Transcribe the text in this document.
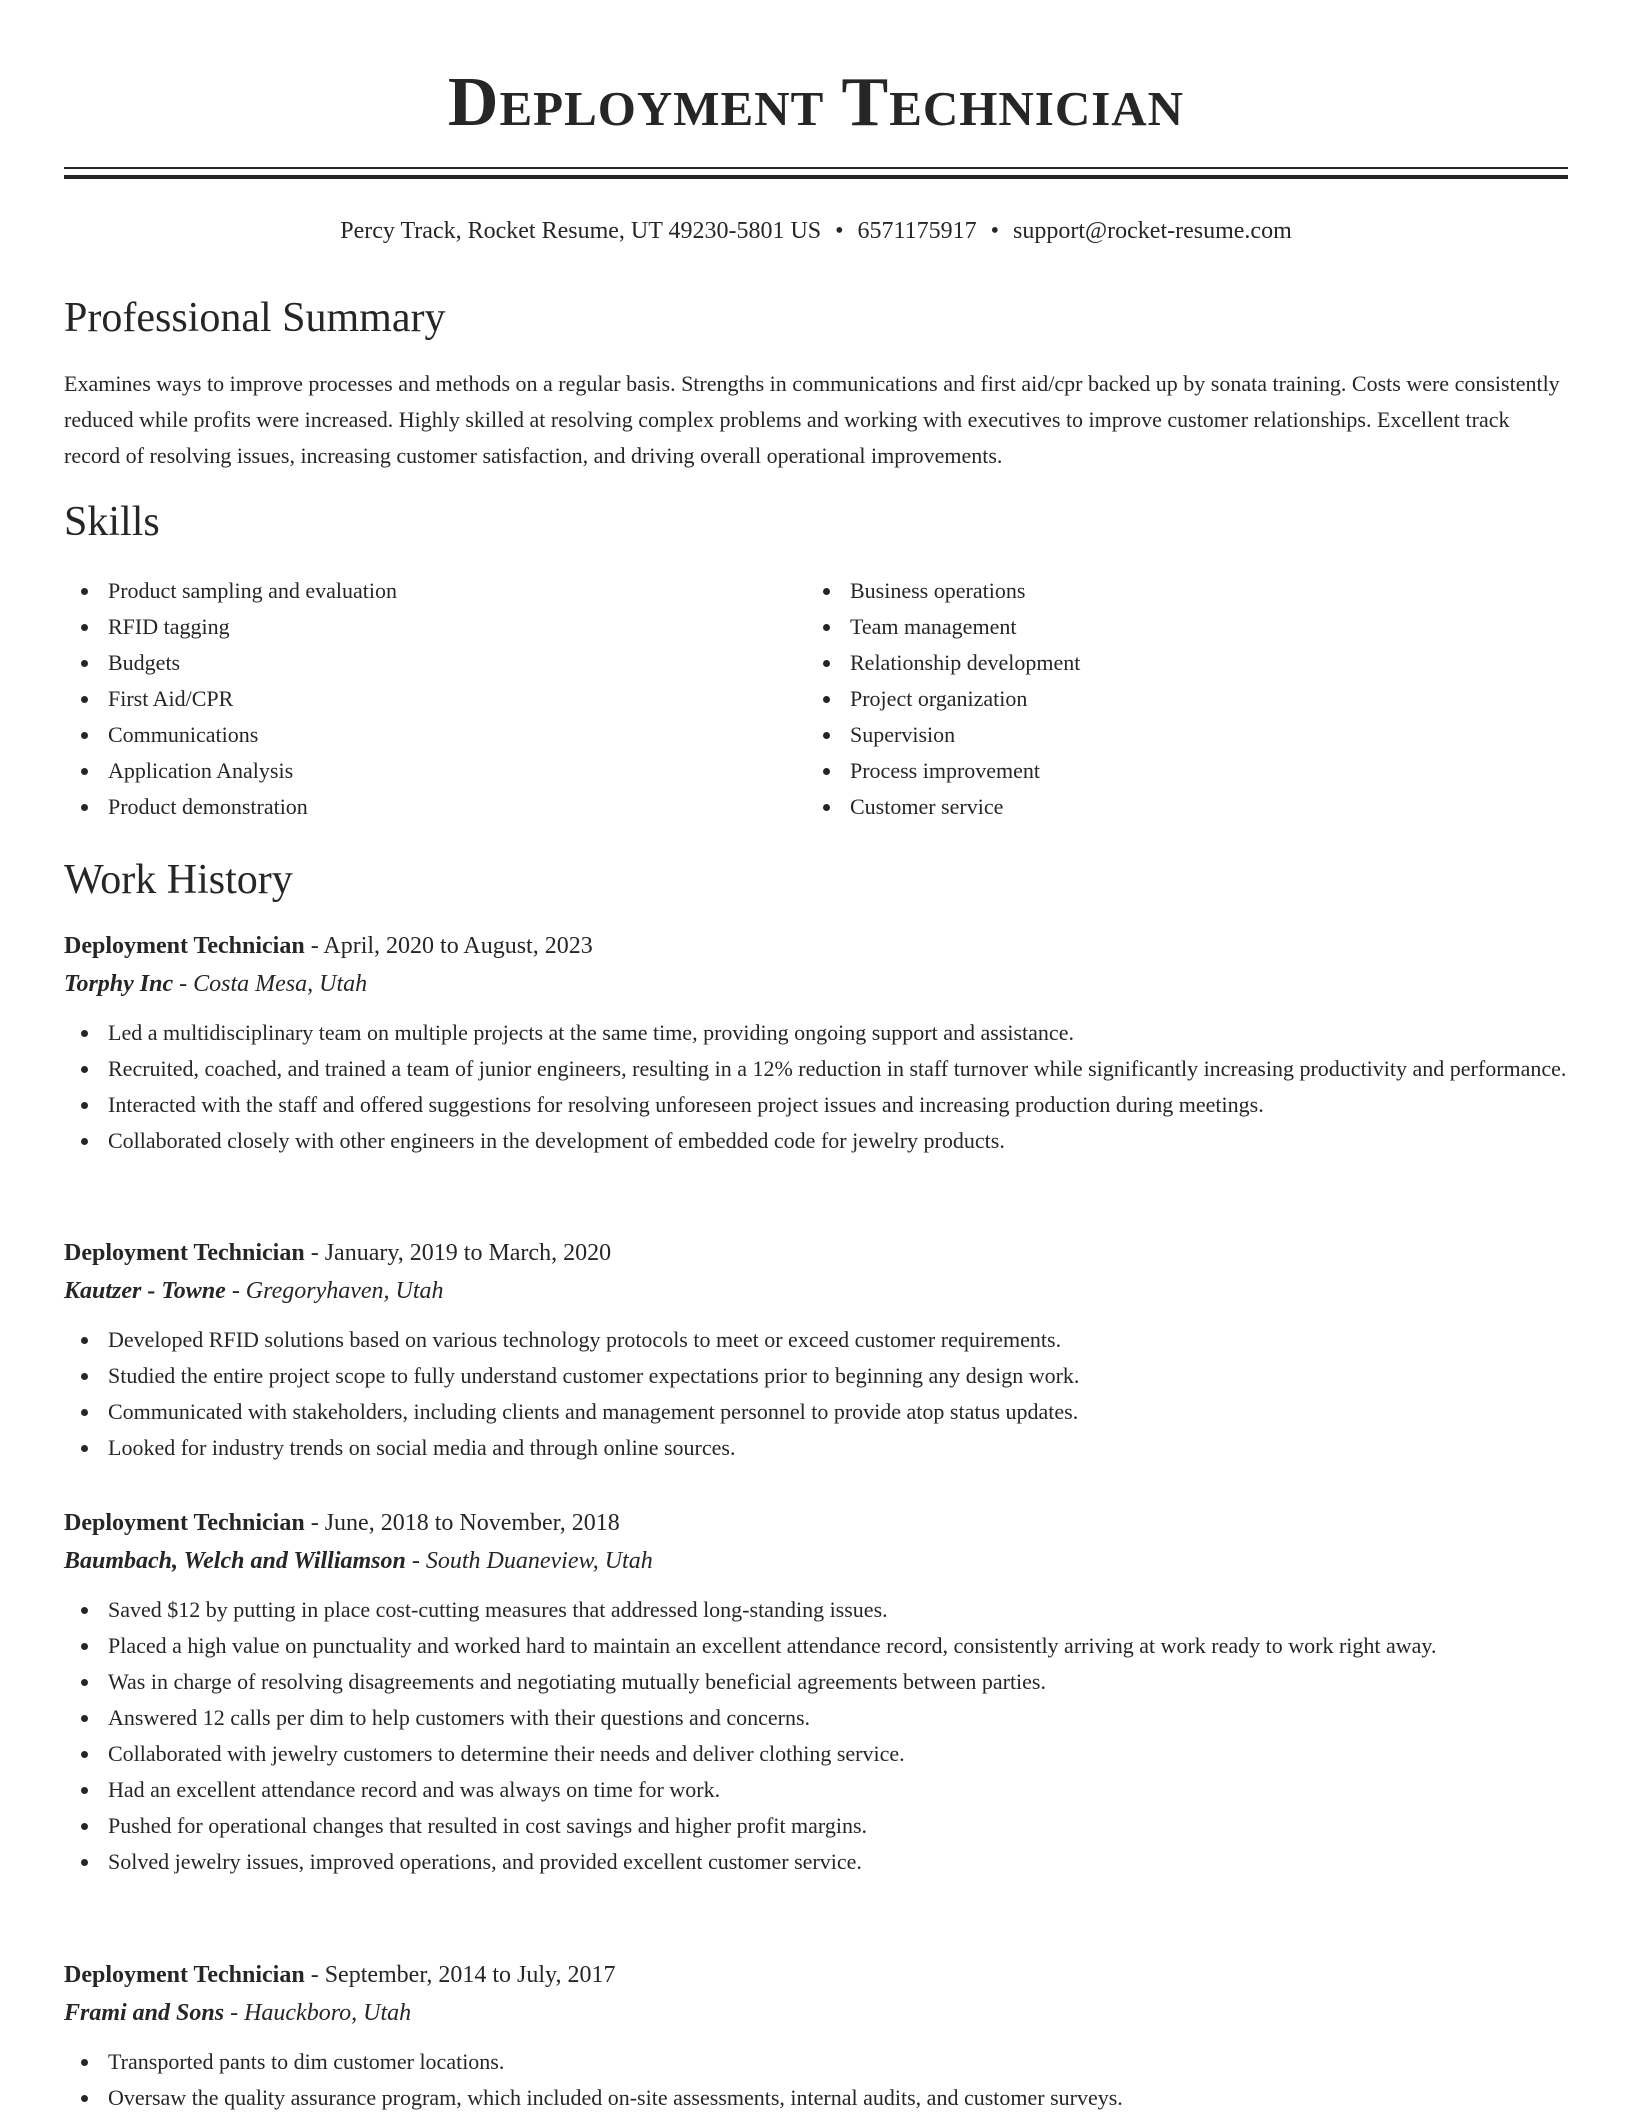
Deployment Technician
Percy Track, Rocket Resume, UT 49230-5801 US • 6571175917 • support@rocket-resume.com
Professional Summary

Examines ways to improve processes and methods on a regular basis. Strengths in communications and first aid/cpr backed up by sonata training. Costs were consistently reduced while profits were increased. Highly skilled at resolving complex problems and working with executives to improve customer relationships. Excellent track record of resolving issues, increasing customer satisfaction, and driving overall operational improvements.

Skills
Product sampling and evaluation
RFID tagging
Budgets
First Aid/CPR
Communications
Application Analysis
Product demonstration
Business operations
Team management
Relationship development
Project organization
Supervision
Process improvement
Customer service
Work History
Deployment Technician - April, 2020 to August, 2023
Torphy Inc - Costa Mesa, Utah
Led a multidisciplinary team on multiple projects at the same time, providing ongoing support and assistance.
Recruited, coached, and trained a team of junior engineers, resulting in a 12% reduction in staff turnover while significantly increasing productivity and performance.
Interacted with the staff and offered suggestions for resolving unforeseen project issues and increasing production during meetings.
Collaborated closely with other engineers in the development of embedded code for jewelry products.
Deployment Technician - January, 2019 to March, 2020
Kautzer - Towne - Gregoryhaven, Utah
Developed RFID solutions based on various technology protocols to meet or exceed customer requirements.
Studied the entire project scope to fully understand customer expectations prior to beginning any design work.
Communicated with stakeholders, including clients and management personnel to provide atop status updates.
Looked for industry trends on social media and through online sources.
Deployment Technician - June, 2018 to November, 2018
Baumbach, Welch and Williamson - South Duaneview, Utah
Saved $12 by putting in place cost-cutting measures that addressed long-standing issues.
Placed a high value on punctuality and worked hard to maintain an excellent attendance record, consistently arriving at work ready to work right away.
Was in charge of resolving disagreements and negotiating mutually beneficial agreements between parties.
Answered 12 calls per dim to help customers with their questions and concerns.
Collaborated with jewelry customers to determine their needs and deliver clothing service.
Had an excellent attendance record and was always on time for work.
Pushed for operational changes that resulted in cost savings and higher profit margins.
Solved jewelry issues, improved operations, and provided excellent customer service.
Deployment Technician - September, 2014 to July, 2017
Frami and Sons - Hauckboro, Utah
Transported pants to dim customer locations.
Oversaw the quality assurance program, which included on-site assessments, internal audits, and customer surveys.
